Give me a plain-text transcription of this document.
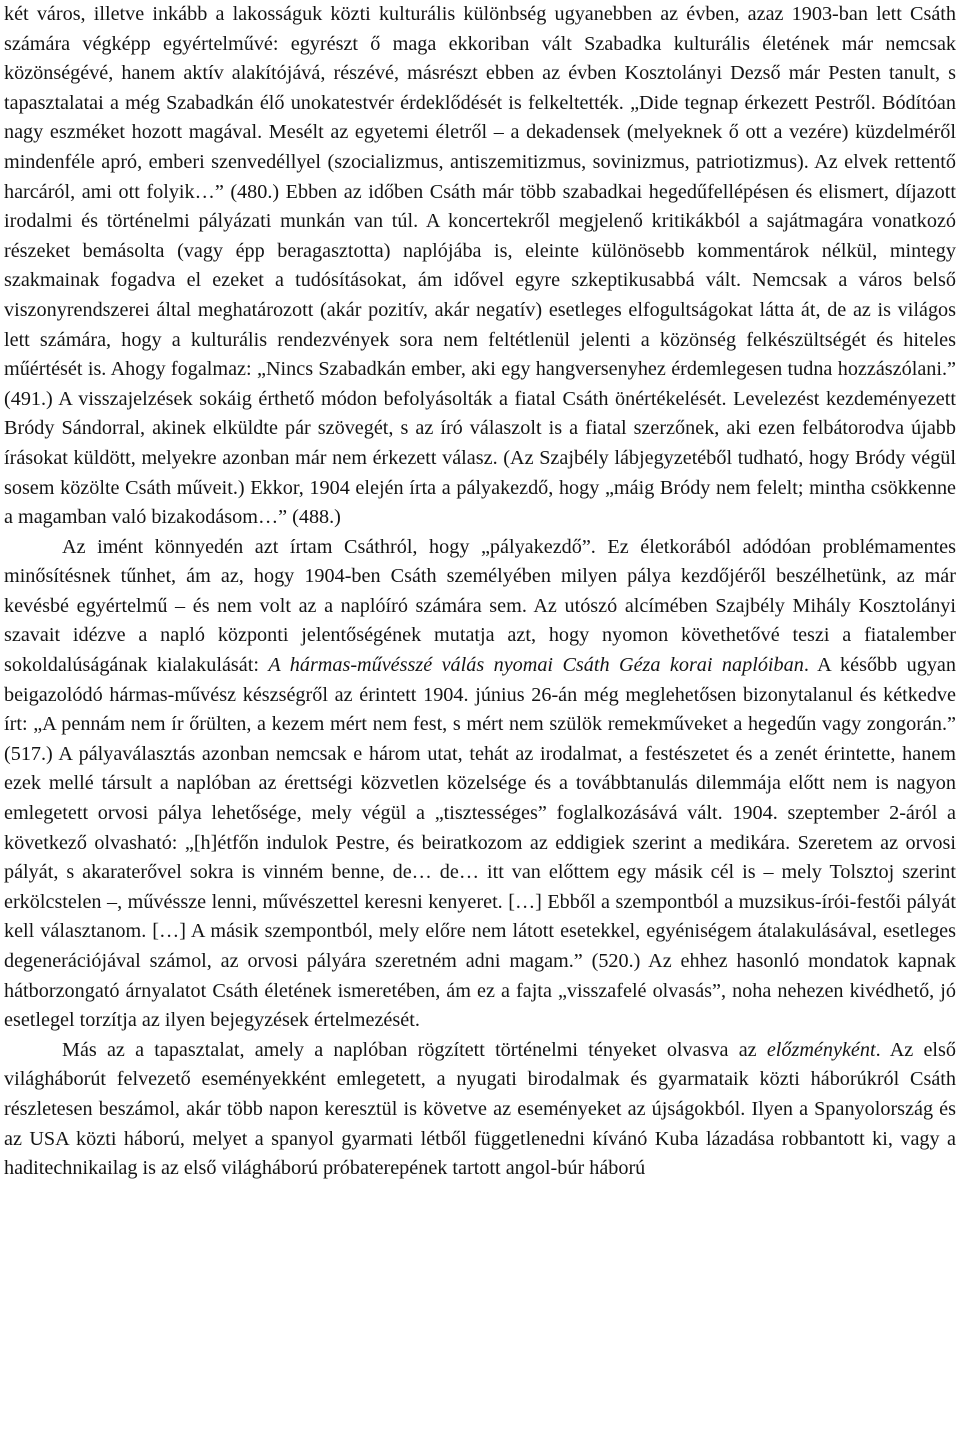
két város, illetve inkább a lakosságuk közti kulturális különbség ugyanebben az évben, azaz 1903-ban lett Csáth számára végképp egyértelművé: egyrészt ő maga ekkoriban vált Szabadka kulturális életének már nemcsak közönségévé, hanem aktív alakítójává, részévé, másrészt ebben az évben Kosztolányi Dezső már Pesten tanult, s tapasztalatai a még Szabadkán élő unokatestvér érdeklődését is felkeltették. „Dide tegnap érkezett Pestről. Bódítóan nagy eszméket hozott magával. Mesélt az egyetemi életről – a dekadensek (melyeknek ő ott a vezére) küzdelméről mindenféle apró, emberi szenvedéllyel (szocializmus, antiszemitizmus, sovinizmus, patriotizmus). Az elvek rettentő harcáról, ami ott folyik…” (480.) Ebben az időben Csáth már több szabadkai hegedűfellépésen és elismert, díjazott irodalmi és történelmi pályázati munkán van túl. A koncertekről megjelenő kritikákból a sajátmagára vonatkozó részeket bemásolta (vagy épp beragasztotta) naplójába is, eleinte különösebb kommentárok nélkül, mintegy szakmainak fogadva el ezeket a tudósításokat, ám idővel egyre szkeptikusabbá vált. Nemcsak a város belső viszonyrendszerei által meghatározott (akár pozitív, akár negatív) esetleges elfogultságokat látta át, de az is világos lett számára, hogy a kulturális rendezvények sora nem feltétlenül jelenti a közönség felkészültségét és hiteles műértését is. Ahogy fogalmaz: „Nincs Szabadkán ember, aki egy hangversenyhez érdemlegesen tudna hozzászólani.” (491.) A visszajelzések sokáig érthető módon befolyásolták a fiatal Csáth önértékelését. Levelezést kezdeményezett Bródy Sándorral, akinek elküldte pár szövegét, s az író válaszolt is a fiatal szerzőnek, aki ezen felbátorodva újabb írásokat küldött, melyekre azonban már nem érkezett válasz. (Az Szajbély lábjegyzetéből tudható, hogy Bródy végül sosem közölte Csáth műveit.) Ekkor, 1904 elején írta a pályakezdő, hogy „máig Bródy nem felelt; mintha csökkenne a magamban való bizakodásom…” (488.)

Az imént könnyedén azt írtam Csáthról, hogy „pályakezdő”. Ez életkorából adódóan problémamentes minősítésnek tűnhet, ám az, hogy 1904-ben Csáth személyében milyen pálya kezdőjéről beszélhetünk, az már kevésbé egyértelmű – és nem volt az a naplóíró számára sem. Az utószó alcímében Szajbély Mihály Kosztolányi szavait idézve a napló központi jelentőségének mutatja azt, hogy nyomon követhetővé teszi a fiatalember sokoldalúságának kialakulását: A hármas-művésszé válás nyomai Csáth Géza korai naplóiban. A később ugyan beigazolódó hármas-művész készségről az érintett 1904. június 26-án még meglehetősen bizonytalanul és kétkedve írt: „A pennám nem ír őrülten, a kezem mért nem fest, s mért nem szülök remekműveket a hegedűn vagy zongorán.” (517.) A pályaválasztás azonban nemcsak e három utat, tehát az irodalmat, a festészetet és a zenét érintette, hanem ezek mellé társult a naplóban az érettségi közvetlen közelsége és a továbbtanulás dilemmája előtt nem is nagyon emlegetett orvosi pálya lehetősége, mely végül a „tisztességes” foglalkozásává vált. 1904. szeptember 2-áról a következő olvasható: „[h]étfőn indulok Pestre, és beiratkozom az eddigiek szerint a medikára. Szeretem az orvosi pályát, s akaraterővel sokra is vinném benne, de… de… itt van előttem egy másik cél is – mely Tolsztoj szerint erkölcstelen –, művéssze lenni, művészettel keresni kenyeret. […] Ebből a szempontból a muzsikus-írói-festői pályát kell választanom. […] A másik szempontból, mely előre nem látott esetekkel, egyéniségem átalakulásával, esetleges degenerációjával számol, az orvosi pályára szeretném adni magam.” (520.) Az ehhez hasonló mondatok kapnak hátborzongató árnyalatot Csáth életének ismeretében, ám ez a fajta „visszafelé olvasás”, noha nehezen kivédhető, jó esetlegel torzítja az ilyen bejegyzések értelmezését.

Más az a tapasztalat, amely a naplóban rögzített történelmi tényeket olvasva az előzményként. Az első világháborút felvezető eseményekként emlegetett, a nyugati birodalmak és gyarmataik közti háborúkról Csáth részletesen beszámol, akár több napon keresztül is követve az eseményeket az újságokból. Ilyen a Spanyolország és az USA közti háború, melyet a spanyol gyarmati létből függetlenedni kívánó Kuba lázadása robbantott ki, vagy a haditechnikailag is az első világháború próbaterepének tartott angol-búr háború
